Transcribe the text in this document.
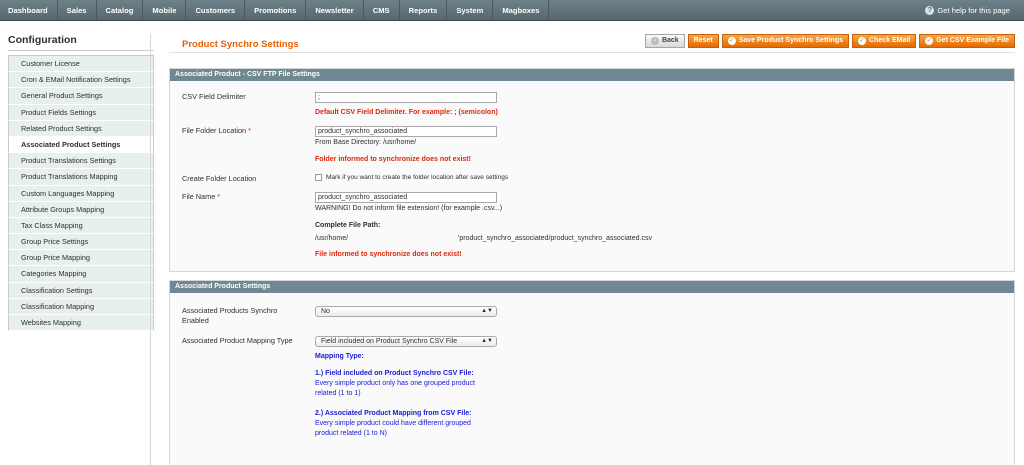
Dashboard	Sales	Catalog	Mobile	Customers	Promotions	Newsletter	CMS	Reports	System	Magboxes	? Get help for this page
Configuration
Customer License
Cron & EMail Notification Settings
General Product Settings
Product Fields Settings
Related Product Settings
Associated Product Settings
Product Translations Settings
Product Translations Mapping
Custom Languages Mapping
Attribute Groups Mapping
Tax Class Mapping
Group Price Settings
Group Price Mapping
Categories Mapping
Classification Settings
Classification Mapping
Websites Mapping
Product Synchro Settings	‹ Back Reset	✓ Save Product Synchro Settings	✓ Check EMail	✓ Get CSV Example File
Associated Product - CSV FTP File Settings
CSV Field Delimiter	;
Default CSV Field Delimiter. For example: ; (semicolon)
File Folder Location *	product_synchro_associated
From Base Directory: /usr/home/
Folder informed to synchronize does not exist!
Create Folder Location	Mark if you want to create the folder location after save settings
File Name *	product_synchro_associated
WARNING! Do not inform file extension! (for example .csv...)
Complete File Path:
/usr/home/	'product_synchro_associated/product_synchro_associated.csv
File informed to synchronize does not exist!
Associated Product Settings
Associated Products Synchro Enabled
No	▲▼
Associated Product Mapping Type	Field included on Product Synchro CSV File	▲▼
Mapping Type:
1.) Field included on Product Synchro CSV File:
Every simple product only has one grouped product
related (1 to 1)
2.) Associated Product Mapping from CSV File:
Every simple product could have different grouped
product related (1 to N)
